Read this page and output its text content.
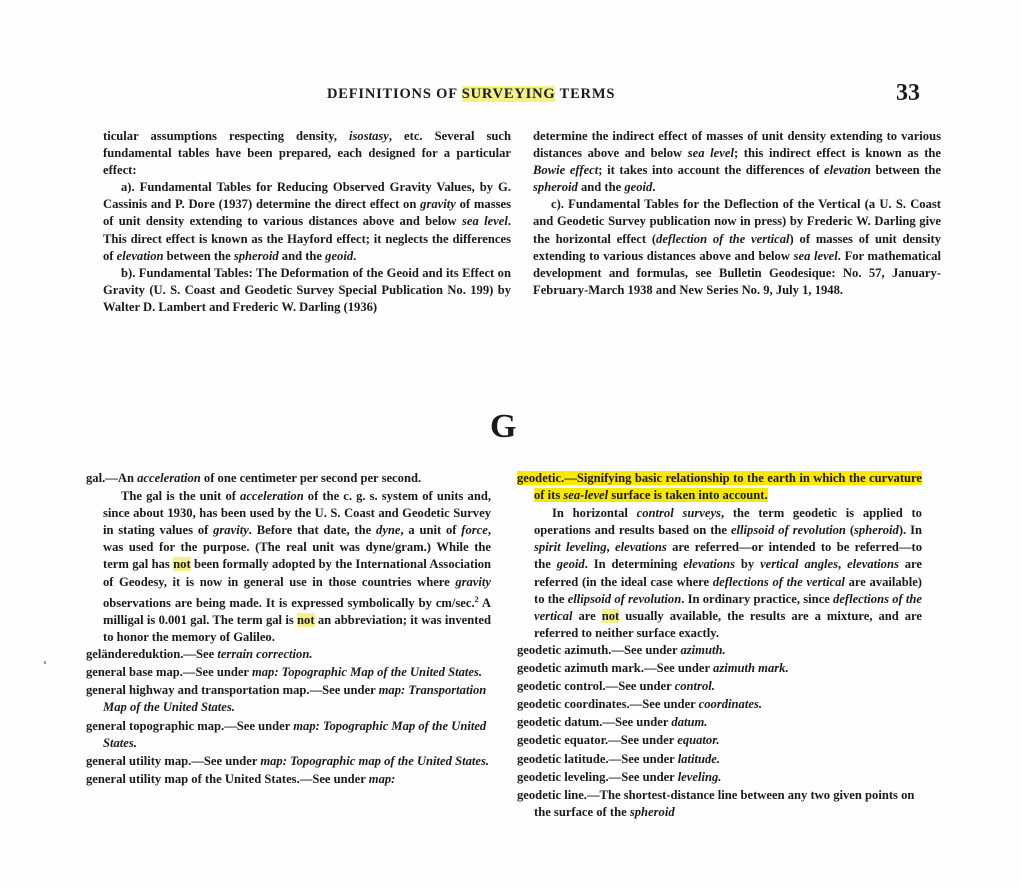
DEFINITIONS OF SURVEYING TERMS	33

ticular assumptions respecting density, isostasy, etc. Several such fundamental tables have been prepared, each designed for a particular effect:

a). Fundamental Tables for Reducing Observed Gravity Values, by G. Cassinis and P. Dore (1937) determine the direct effect on gravity of masses of unit density extending to various distances above and below sea level. This direct effect is known as the Hayford effect; it neglects the differences of elevation between the spheroid and the geoid.

b). Fundamental Tables: The Deformation of the Geoid and its Effect on Gravity (U. S. Coast and Geodetic Survey Special Publication No. 199) by Walter D. Lambert and Frederic W. Darling (1936)

determine the indirect effect of masses of unit density extending to various distances above and below sea level; this indirect effect is known as the Bowie effect; it takes into account the differences of elevation between the spheroid and the geoid.

c). Fundamental Tables for the Deflection of the Vertical (a U. S. Coast and Geodetic Survey publication now in press) by Frederic W. Darling give the horizontal effect (deflection of the vertical) of masses of unit density extending to various distances above and below sea level. For mathematical development and formulas, see Bulletin Geodesique: No. 57, January-February-March 1938 and New Series No. 9, July 1, 1948.

G

gal.—An acceleration of one centimeter per second per second.

The gal is the unit of acceleration of the c. g. s. system of units and, since about 1930, has been used by the U. S. Coast and Geodetic Survey in stating values of gravity. Before that date, the dyne, a unit of force, was used for the purpose. (The real unit was dyne/gram.) While the term gal has not been formally adopted by the International Association of Geodesy, it is now in general use in those countries where gravity observations are being made. It is expressed symbolically by cm/sec.$^2$ A milligal is 0.001 gal. The term gal is not an abbreviation; it was invented to honor the memory of Galileo.

geländereduktion.—See terrain correction.

general base map.—See under map: Topographic Map of the United States.

general highway and transportation map.—See under map: Transportation Map of the United States.

general topographic map.—See under map: Topographic Map of the United States.

general utility map.—See under map: Topographic map of the United States.

general utility map of the United States.—See under map:

geodetic.—Signifying basic relationship to the earth in which the curvature of its sea-level surface is taken into account.

In horizontal control surveys, the term geodetic is applied to operations and results based on the ellipsoid of revolution (spheroid). In spirit leveling, elevations are referred—or intended to be referred—to the geoid. In determining elevations by vertical angles, elevations are referred (in the ideal case where deflections of the vertical are available) to the ellipsoid of revolution. In ordinary practice, since deflections of the vertical are not usually available, the results are a mixture, and are referred to neither surface exactly.

geodetic azimuth.—See under azimuth.

geodetic azimuth mark.—See under azimuth mark.

geodetic control.—See under control.

geodetic coordinates.—See under coordinates.

geodetic datum.—See under datum.

geodetic equator.—See under equator.

geodetic latitude.—See under latitude.

geodetic leveling.—See under leveling.

geodetic line.—The shortest-distance line between any two given points on the surface of the spheroid
